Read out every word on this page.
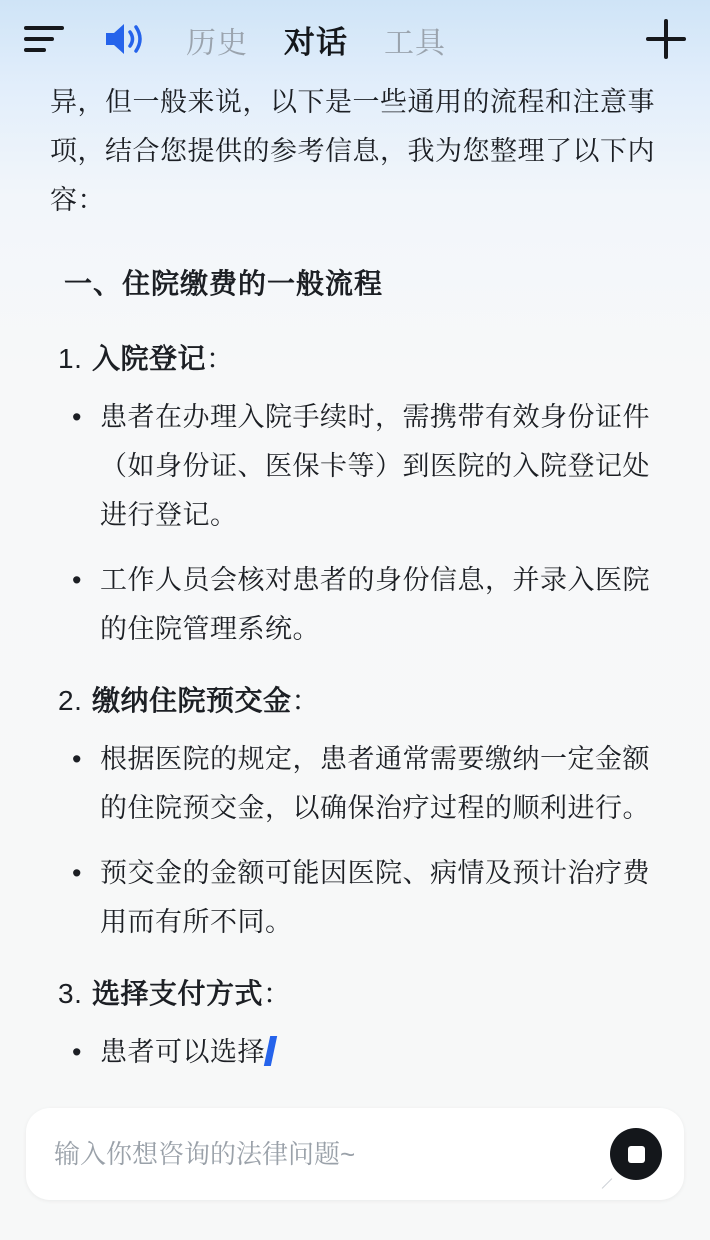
历史 对话 工具
异，但一般来说，以下是一些通用的流程和注意事项，结合您提供的参考信息，我为您整理了以下内容：
一、住院缴费的一般流程
1. 入院登记 ：
• 患者在办理入院手续时，需携带有效身份证件（如身份证、医保卡等）到医院的入院登记处进行登记。
• 工作人员会核对患者的身份信息，并录入医院的住院管理系统。
2. 缴纳住院预交金 ：
• 根据医院的规定，患者通常需要缴纳一定金额的住院预交金，以确保治疗过程的顺利进行。
• 预交金的金额可能因医院、病情及预计治疗费用而有所不同。
3. 选择支付方式 ：
• 患者可以选择
输入你想咨询的法律问题~
